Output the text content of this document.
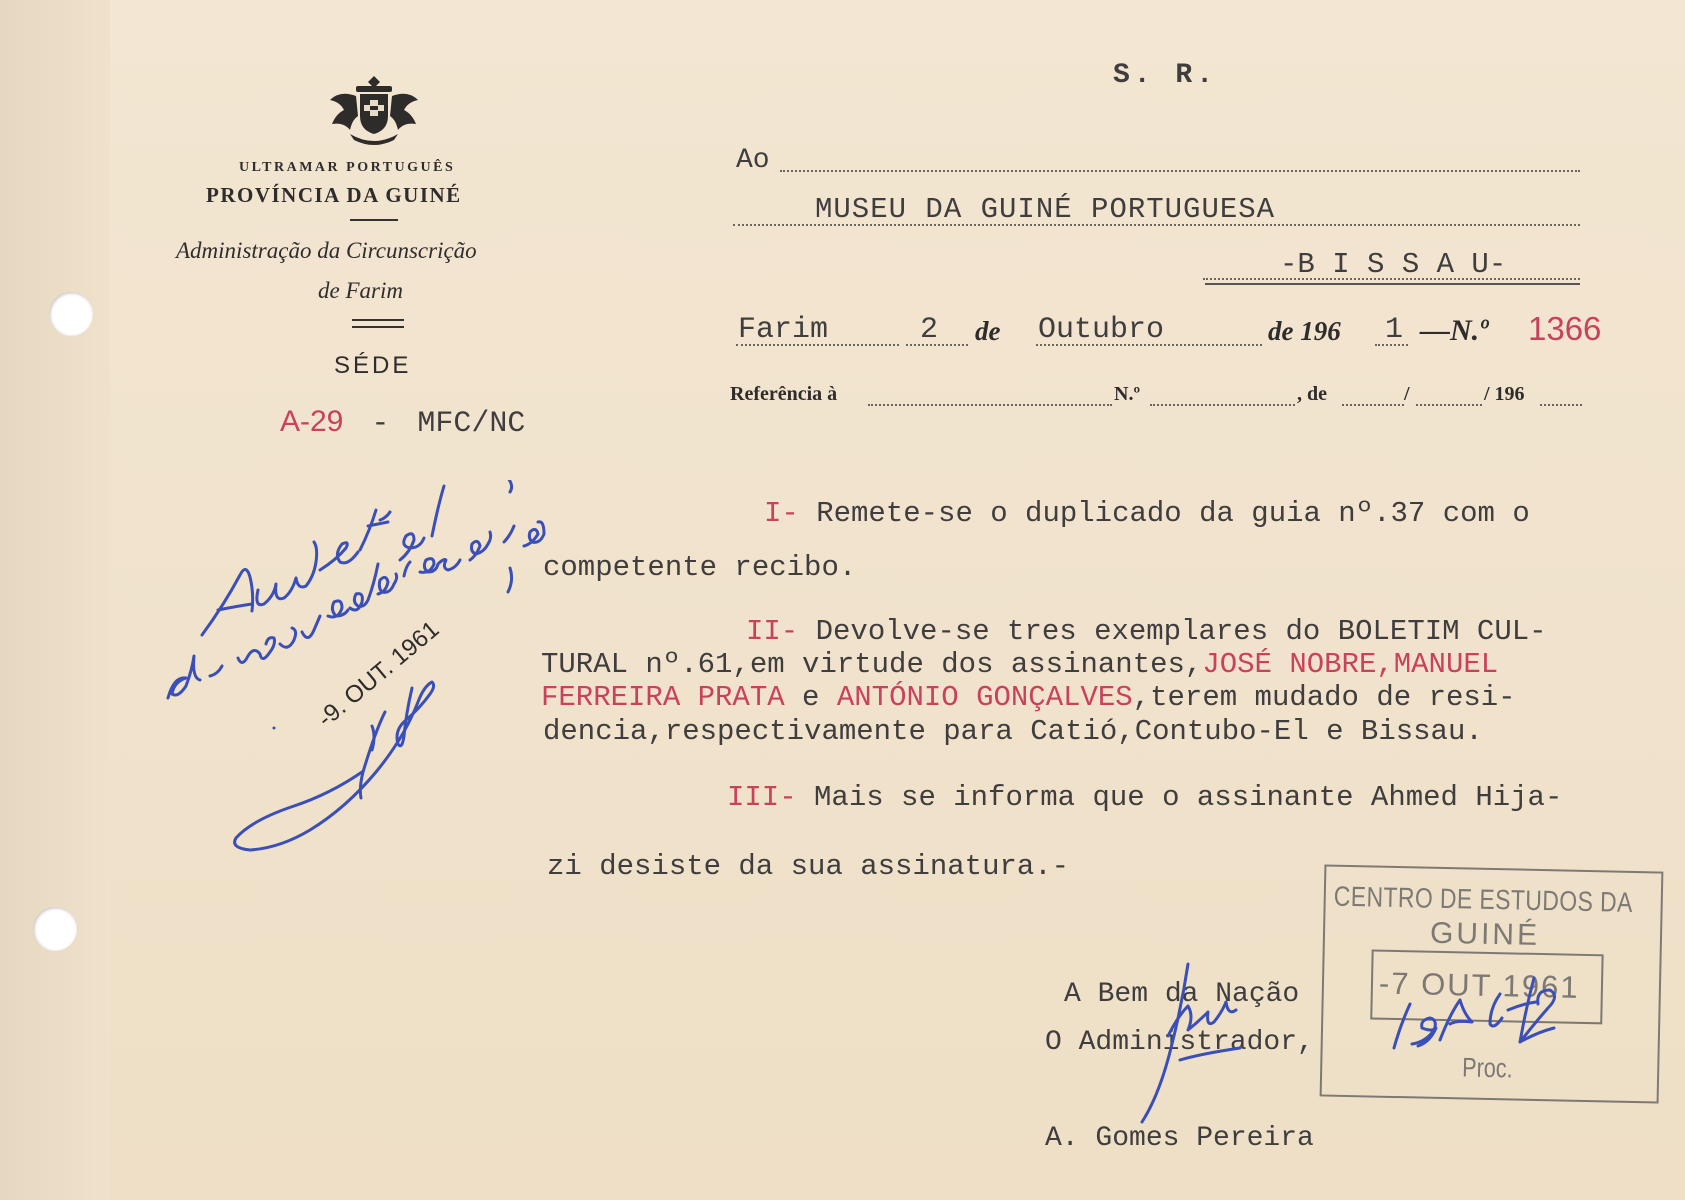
ULTRAMAR PORTUGUÊS
PROVÍNCIA DA GUINÉ
Administração da Circunscrição
de Farim
SÉDE
A-29 - MFC/NC
S. R.
Ao
MUSEU DA GUINÉ PORTUGUESA
-B I S S A U-
Farim	2 de Outubro	de 196 1 —N.º 1366
Referência à	N.º	, de	/	/ 196
I- Remete-se o duplicado da guia nº.37 com o
competente recibo.
II- Devolve-se tres exemplares do BOLETIM CUL-
TURAL nº.61,em virtude dos assinantes,JOSÉ NOBRE,MANUEL
FERREIRA PRATA e ANTÓNIO GONÇALVES,terem mudado de resi-
dencia,respectivamente para Catió,Contubo-El e Bissau.
III- Mais se informa que o assinante Ahmed Hija-
zi desiste da sua assinatura.-
A Bem da Nação
O Administrador,
A. Gomes Pereira
CENTRO DE ESTUDOS DA
GUINÉ
-7 OUT 1961
Proc.
-9. OUT. 1961
